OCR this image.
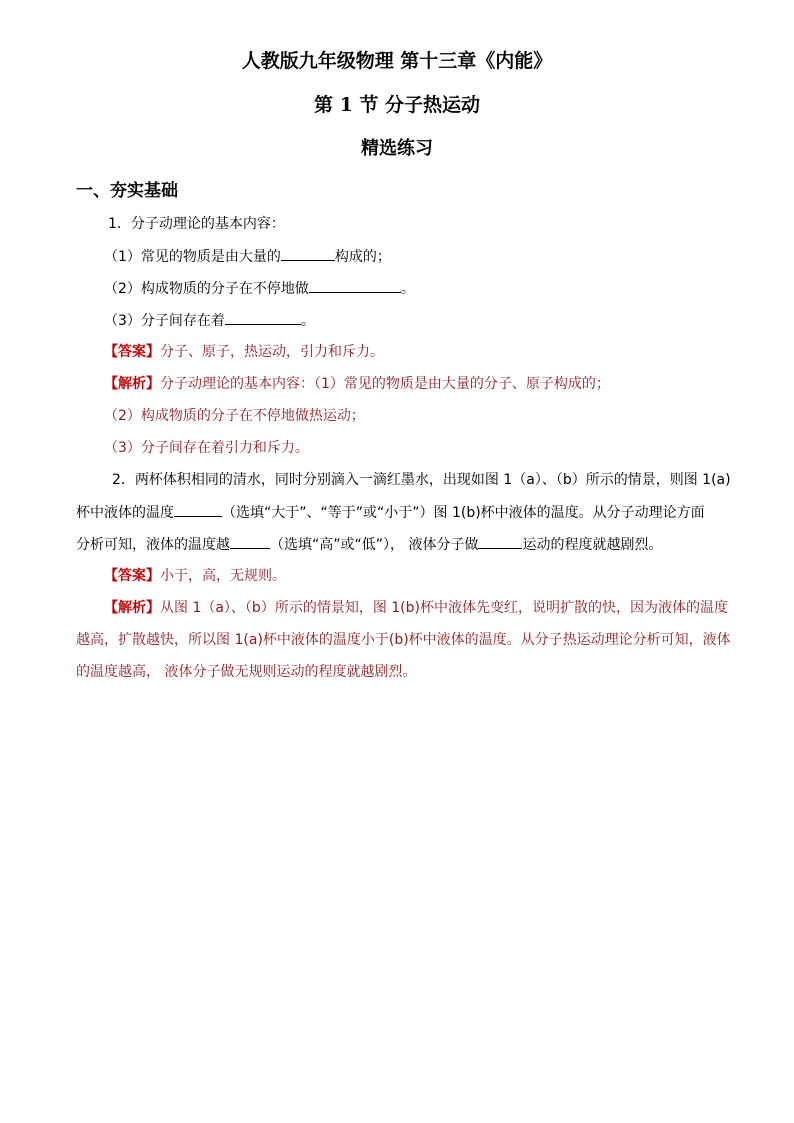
人教版九年级物理 第十三章《内能》
第 1 节 分子热运动
精选练习
一、夯实基础
1．分子动理论的基本内容：
（1）常见的物质是由大量的	构成的；
（2）构成物质的分子在不停地做	。
（3）分子间存在着	。
【答案】分子、原子，热运动，引力和斥力。
【解析】分子动理论的基本内容：（1）常见的物质是由大量的分子、原子构成的；
（2）构成物质的分子在不停地做热运动；
（3）分子间存在着引力和斥力。
2．两杯体积相同的清水，同时分别滴入一滴红墨水，出现如图 1（a）、（b）所示的情景，则图 1(a)
杯中液体的温度	（选填“大于”、“等于”或“小于”）图 1(b)杯中液体的温度。从分子动理论方面
分析可知，液体的温度越	（选填“高”或“低”）， 液体分子做	运动的程度就越剧烈。
【答案】小于，高，无规则。
【解析】从图 1（a）、（b）所示的情景知，图 1(b)杯中液体先变红，说明扩散的快，因为液体的温度
越高，扩散越快，所以图 1(a)杯中液体的温度小于(b)杯中液体的温度。从分子热运动理论分析可知，液体
的温度越高， 液体分子做无规则运动的程度就越剧烈。
